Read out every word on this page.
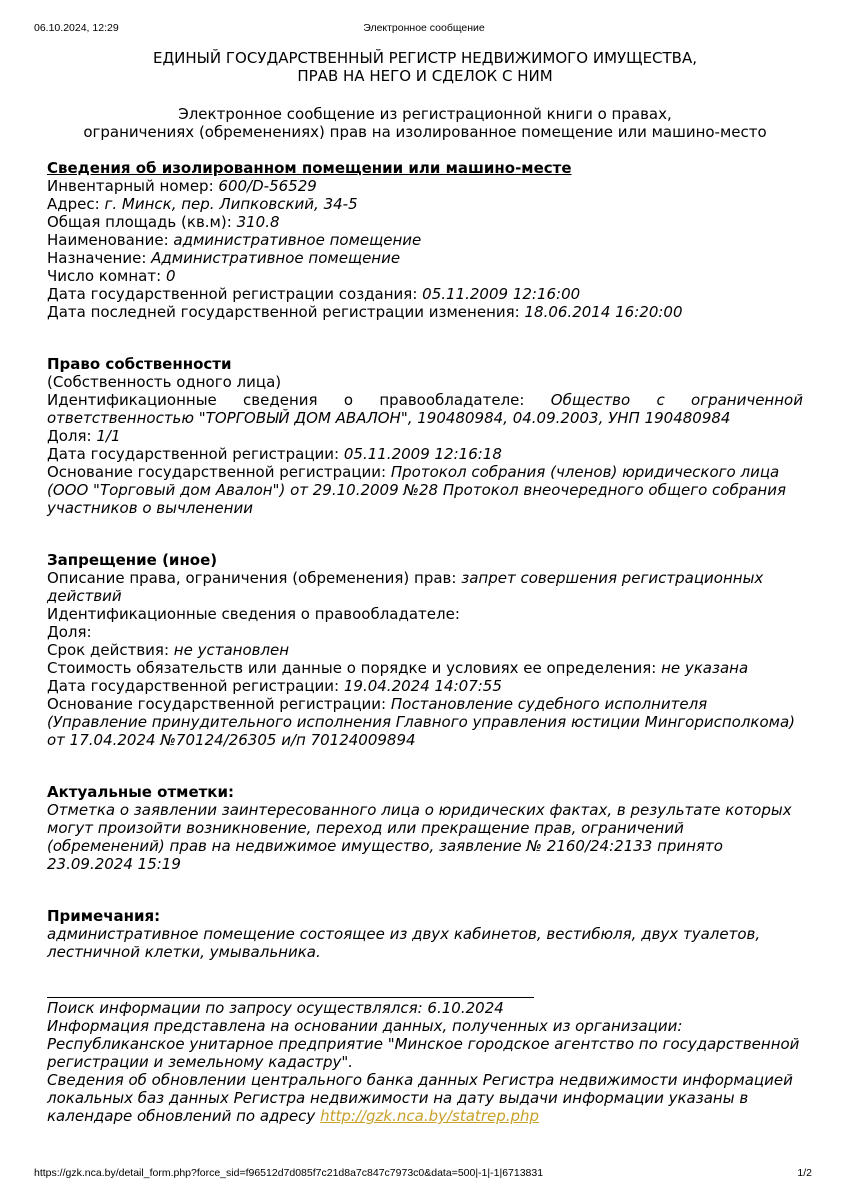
06.10.2024, 12:29	Электронное сообщение

ЕДИНЫЙ ГОСУДАРСТВЕННЫЙ РЕГИСТР НЕДВИЖИМОГО ИМУЩЕСТВА,
ПРАВ НА НЕГО И СДЕЛОК С НИМ

Электронное сообщение из регистрационной книги о правах,
ограничениях (обременениях) прав на изолированное помещение или машино-место

Сведения об изолированном помещении или машино-месте
Инвентарный номер: 600/D-56529
Адрес: г. Минск, пер. Липковский, 34-5
Общая площадь (кв.м): 310.8
Наименование: административное помещение
Назначение: Административное помещение
Число комнат: 0
Дата государственной регистрации создания: 05.11.2009 12:16:00
Дата последней государственной регистрации изменения: 18.06.2014 16:20:00
Право собственности
(Собственность одного лица)
Идентификационные сведения о правообладателе: Общество с ограниченной ответственностью "ТОРГОВЫЙ ДОМ АВАЛОН", 190480984, 04.09.2003, УНП 190480984
Доля: 1/1
Дата государственной регистрации: 05.11.2009 12:16:18
Основание государственной регистрации: Протокол собрания (членов) юридического лица (ООО "Торговый дом Авалон") от 29.10.2009 №28 Протокол внеочередного общего собрания участников о вычленении
Запрещение (иное)
Описание права, ограничения (обременения) прав: запрет совершения регистрационных действий
Идентификационные сведения о правообладателе:
Доля:
Срок действия: не установлен
Стоимость обязательств или данные о порядке и условиях ее определения: не указана
Дата государственной регистрации: 19.04.2024 14:07:55
Основание государственной регистрации: Постановление судебного исполнителя (Управление принудительного исполнения Главного управления юстиции Мингорисполкома) от 17.04.2024 №70124/26305 и/п 70124009894
Актуальные отметки:
Отметка о заявлении заинтересованного лица о юридических фактах, в результате которых могут произойти возникновение, переход или прекращение прав, ограничений (обременений) прав на недвижимое имущество, заявление № 2160/24:2133 принято 23.09.2024 15:19
Примечания:
административное помещение состоящее из двух кабинетов, вестибюля, двух туалетов, лестничной клетки, умывальника.
Поиск информации по запросу осуществлялся: 6.10.2024
Информация представлена на основании данных, полученных из организации: Республиканское унитарное предприятие "Минское городское агентство по государственной регистрации и земельному кадастру".
Сведения об обновлении центрального банка данных Регистра недвижимости информацией локальных баз данных Регистра недвижимости на дату выдачи информации указаны в календаре обновлений по адресу http://gzk.nca.by/statrep.php
https://gzk.nca.by/detail_form.php?force_sid=f96512d7d085f7c21d8a7c847c7973c0&data=500|-1|-1|6713831	1/2
